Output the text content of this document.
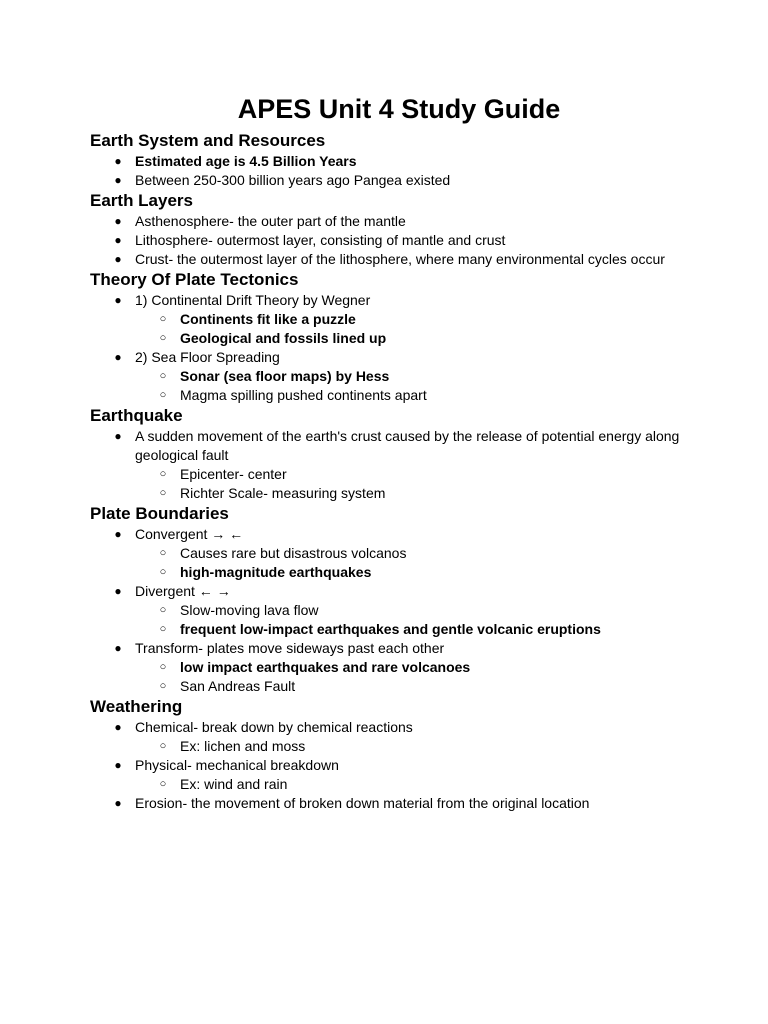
APES Unit 4 Study Guide
Earth System and Resources
● Estimated age is 4.5 Billion Years
● Between 250-300 billion years ago Pangea existed
Earth Layers
● Asthenosphere- the outer part of the mantle
● Lithosphere- outermost layer, consisting of mantle and crust
● Crust- the outermost layer of the lithosphere, where many environmental cycles occur
Theory Of Plate Tectonics
● 1) Continental Drift Theory by Wegner
○ Continents fit like a puzzle
○ Geological and fossils lined up
● 2) Sea Floor Spreading
○ Sonar (sea floor maps) by Hess
○ Magma spilling pushed continents apart
Earthquake
● A sudden movement of the earth's crust caused by the release of potential energy along geological fault
○ Epicenter- center
○ Richter Scale- measuring system
Plate Boundaries
● Convergent → ←
○ Causes rare but disastrous volcanos
○ high-magnitude earthquakes
● Divergent ← →
○ Slow-moving lava flow
○ frequent low-impact earthquakes and gentle volcanic eruptions
● Transform- plates move sideways past each other
○ low impact earthquakes and rare volcanoes
○ San Andreas Fault
Weathering
● Chemical- break down by chemical reactions
○ Ex: lichen and moss
● Physical- mechanical breakdown
○ Ex: wind and rain
● Erosion- the movement of broken down material from the original location
